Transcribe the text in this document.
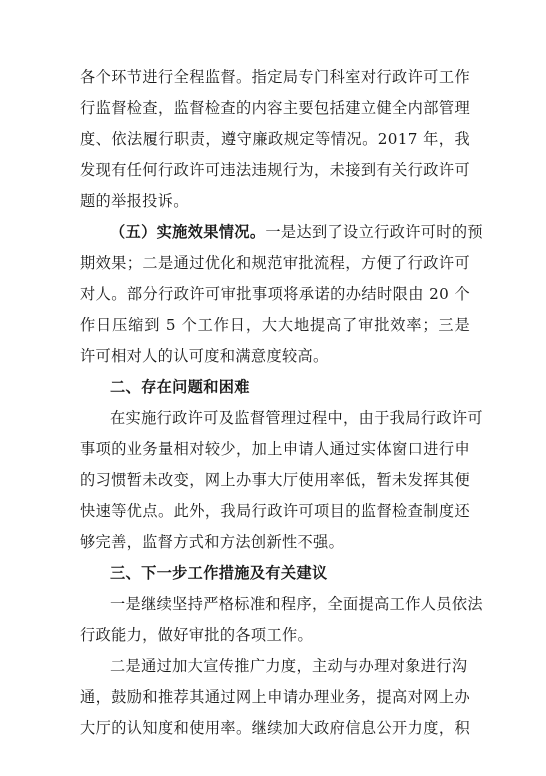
各个环节进行全程监督。指定局专门科室对行政许可工作
行监督检查，监督检查的内容主要包括建立健全内部管理
度、依法履行职责，遵守廉政规定等情况。2017 年，我
发现有任何行政许可违法违规行为，未接到有关行政许可
题的举报投诉。
（五）实施效果情况。一是达到了设立行政许可时的预
期效果；二是通过优化和规范审批流程，方便了行政许可
对人。部分行政许可审批事项将承诺的办结时限由 20 个
作日压缩到 5 个工作日，大大地提高了审批效率；三是
许可相对人的认可度和满意度较高。
二、存在问题和困难
在实施行政许可及监督管理过程中，由于我局行政许可
事项的业务量相对较少，加上申请人通过实体窗口进行申
的习惯暂未改变，网上办事大厅使用率低，暂未发挥其便
快速等优点。此外，我局行政许可项目的监督检查制度还
够完善，监督方式和方法创新性不强。
三、下一步工作措施及有关建议
一是继续坚持严格标准和程序，全面提高工作人员依法
行政能力，做好审批的各项工作。
二是通过加大宣传推广力度，主动与办理对象进行沟
通，鼓励和推荐其通过网上申请办理业务，提高对网上办
大厅的认知度和使用率。继续加大政府信息公开力度，积
